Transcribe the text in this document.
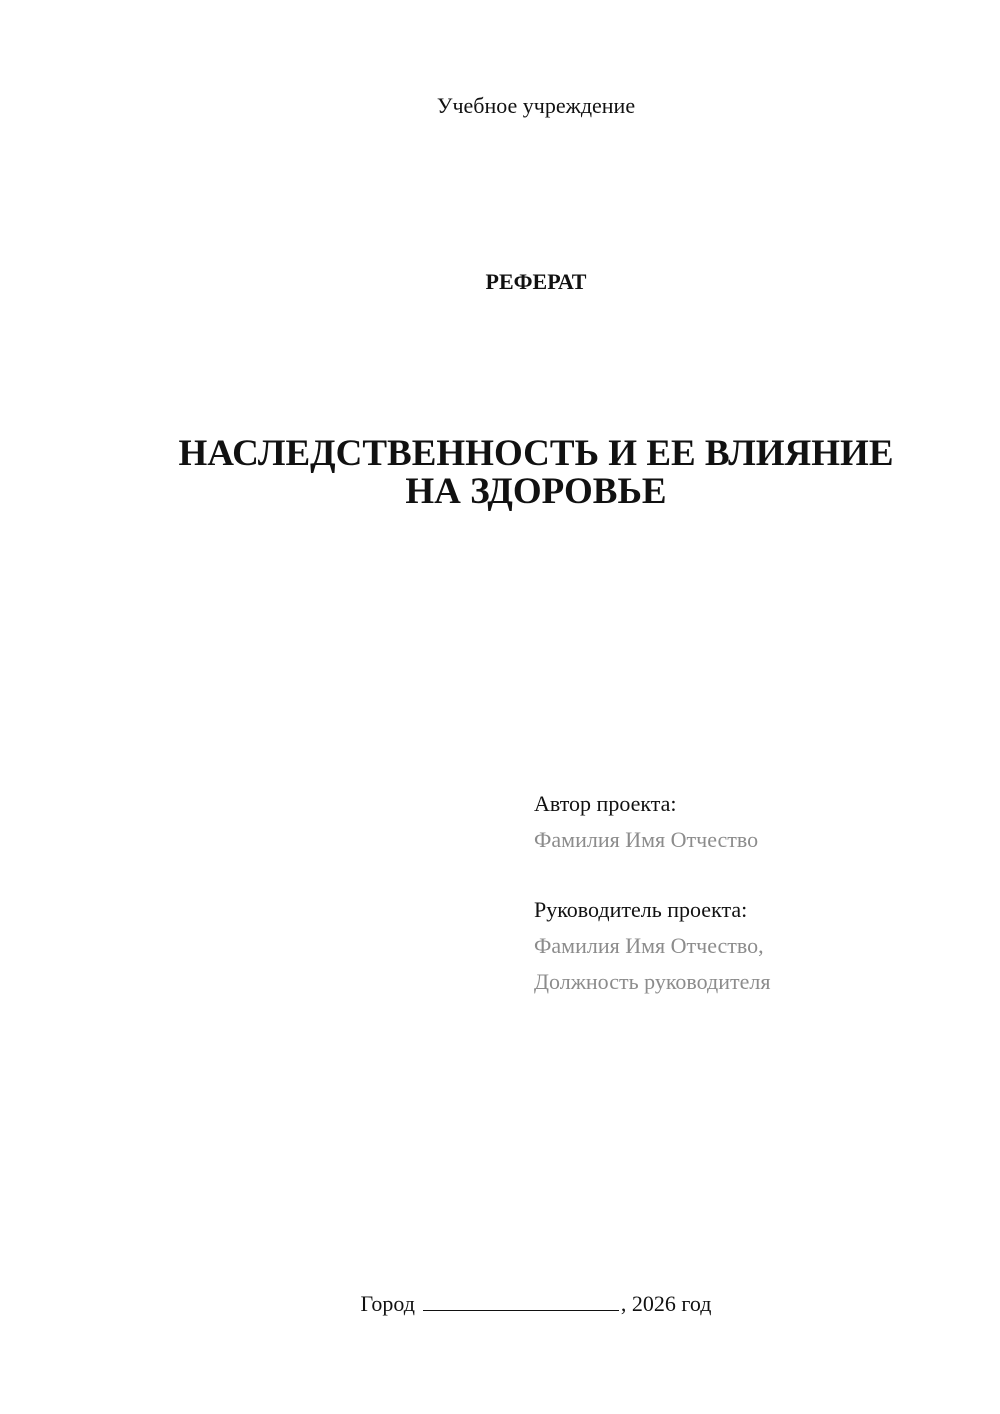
Учебное учреждение
РЕФЕРАТ
НАСЛЕДСТВЕННОСТЬ И ЕЕ ВЛИЯНИЕ
НА ЗДОРОВЬЕ
Автор проекта:
Фамилия Имя Отчество
Руководитель проекта:
Фамилия Имя Отчество,
Должность руководителя
Город	, 2026 год
